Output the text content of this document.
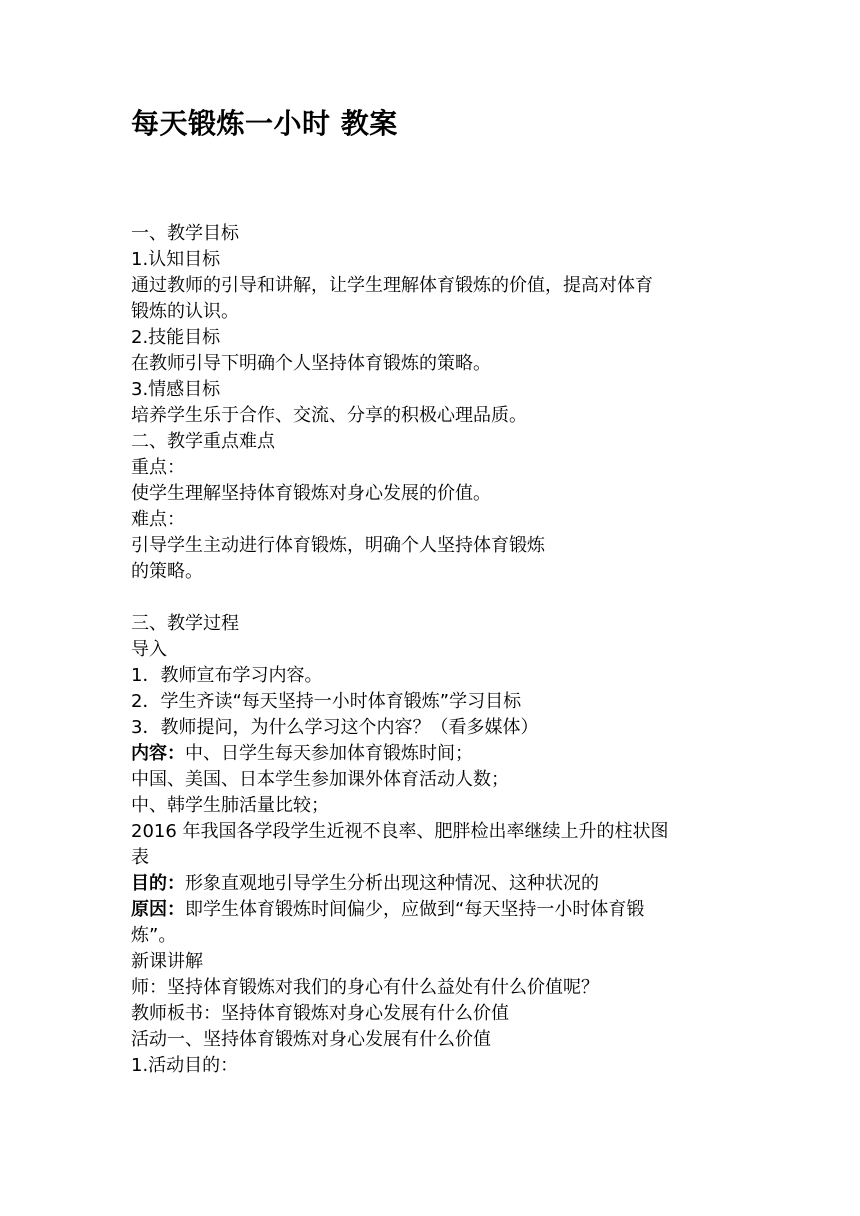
每天锻炼一小时 教案
一、教学目标
1.认知目标
通过教师的引导和讲解，让学生理解体育锻炼的价值，提高对体育
锻炼的认识。
2.技能目标
在教师引导下明确个人坚持体育锻炼的策略。
3.情感目标
培养学生乐于合作、交流、分享的积极心理品质。
二、教学重点难点
重点：
使学生理解坚持体育锻炼对身心发展的价值。
难点：
引导学生主动进行体育锻炼，明确个人坚持体育锻炼
的策略。
三、教学过程
导入
1．教师宣布学习内容。
2．学生齐读“每天坚持一小时体育锻炼”学习目标
3．教师提问，为什么学习这个内容？（看多媒体）
内容：中、日学生每天参加体育锻炼时间；
中国、美国、日本学生参加课外体育活动人数；
中、韩学生肺活量比较；
2016 年我国各学段学生近视不良率、肥胖检出率继续上升的柱状图
表
目的：形象直观地引导学生分析出现这种情况、这种状况的
原因：即学生体育锻炼时间偏少，应做到“每天坚持一小时体育锻
炼”。
新课讲解
师：坚持体育锻炼对我们的身心有什么益处有什么价值呢？
教师板书：坚持体育锻炼对身心发展有什么价值
活动一、坚持体育锻炼对身心发展有什么价值
1.活动目的：
